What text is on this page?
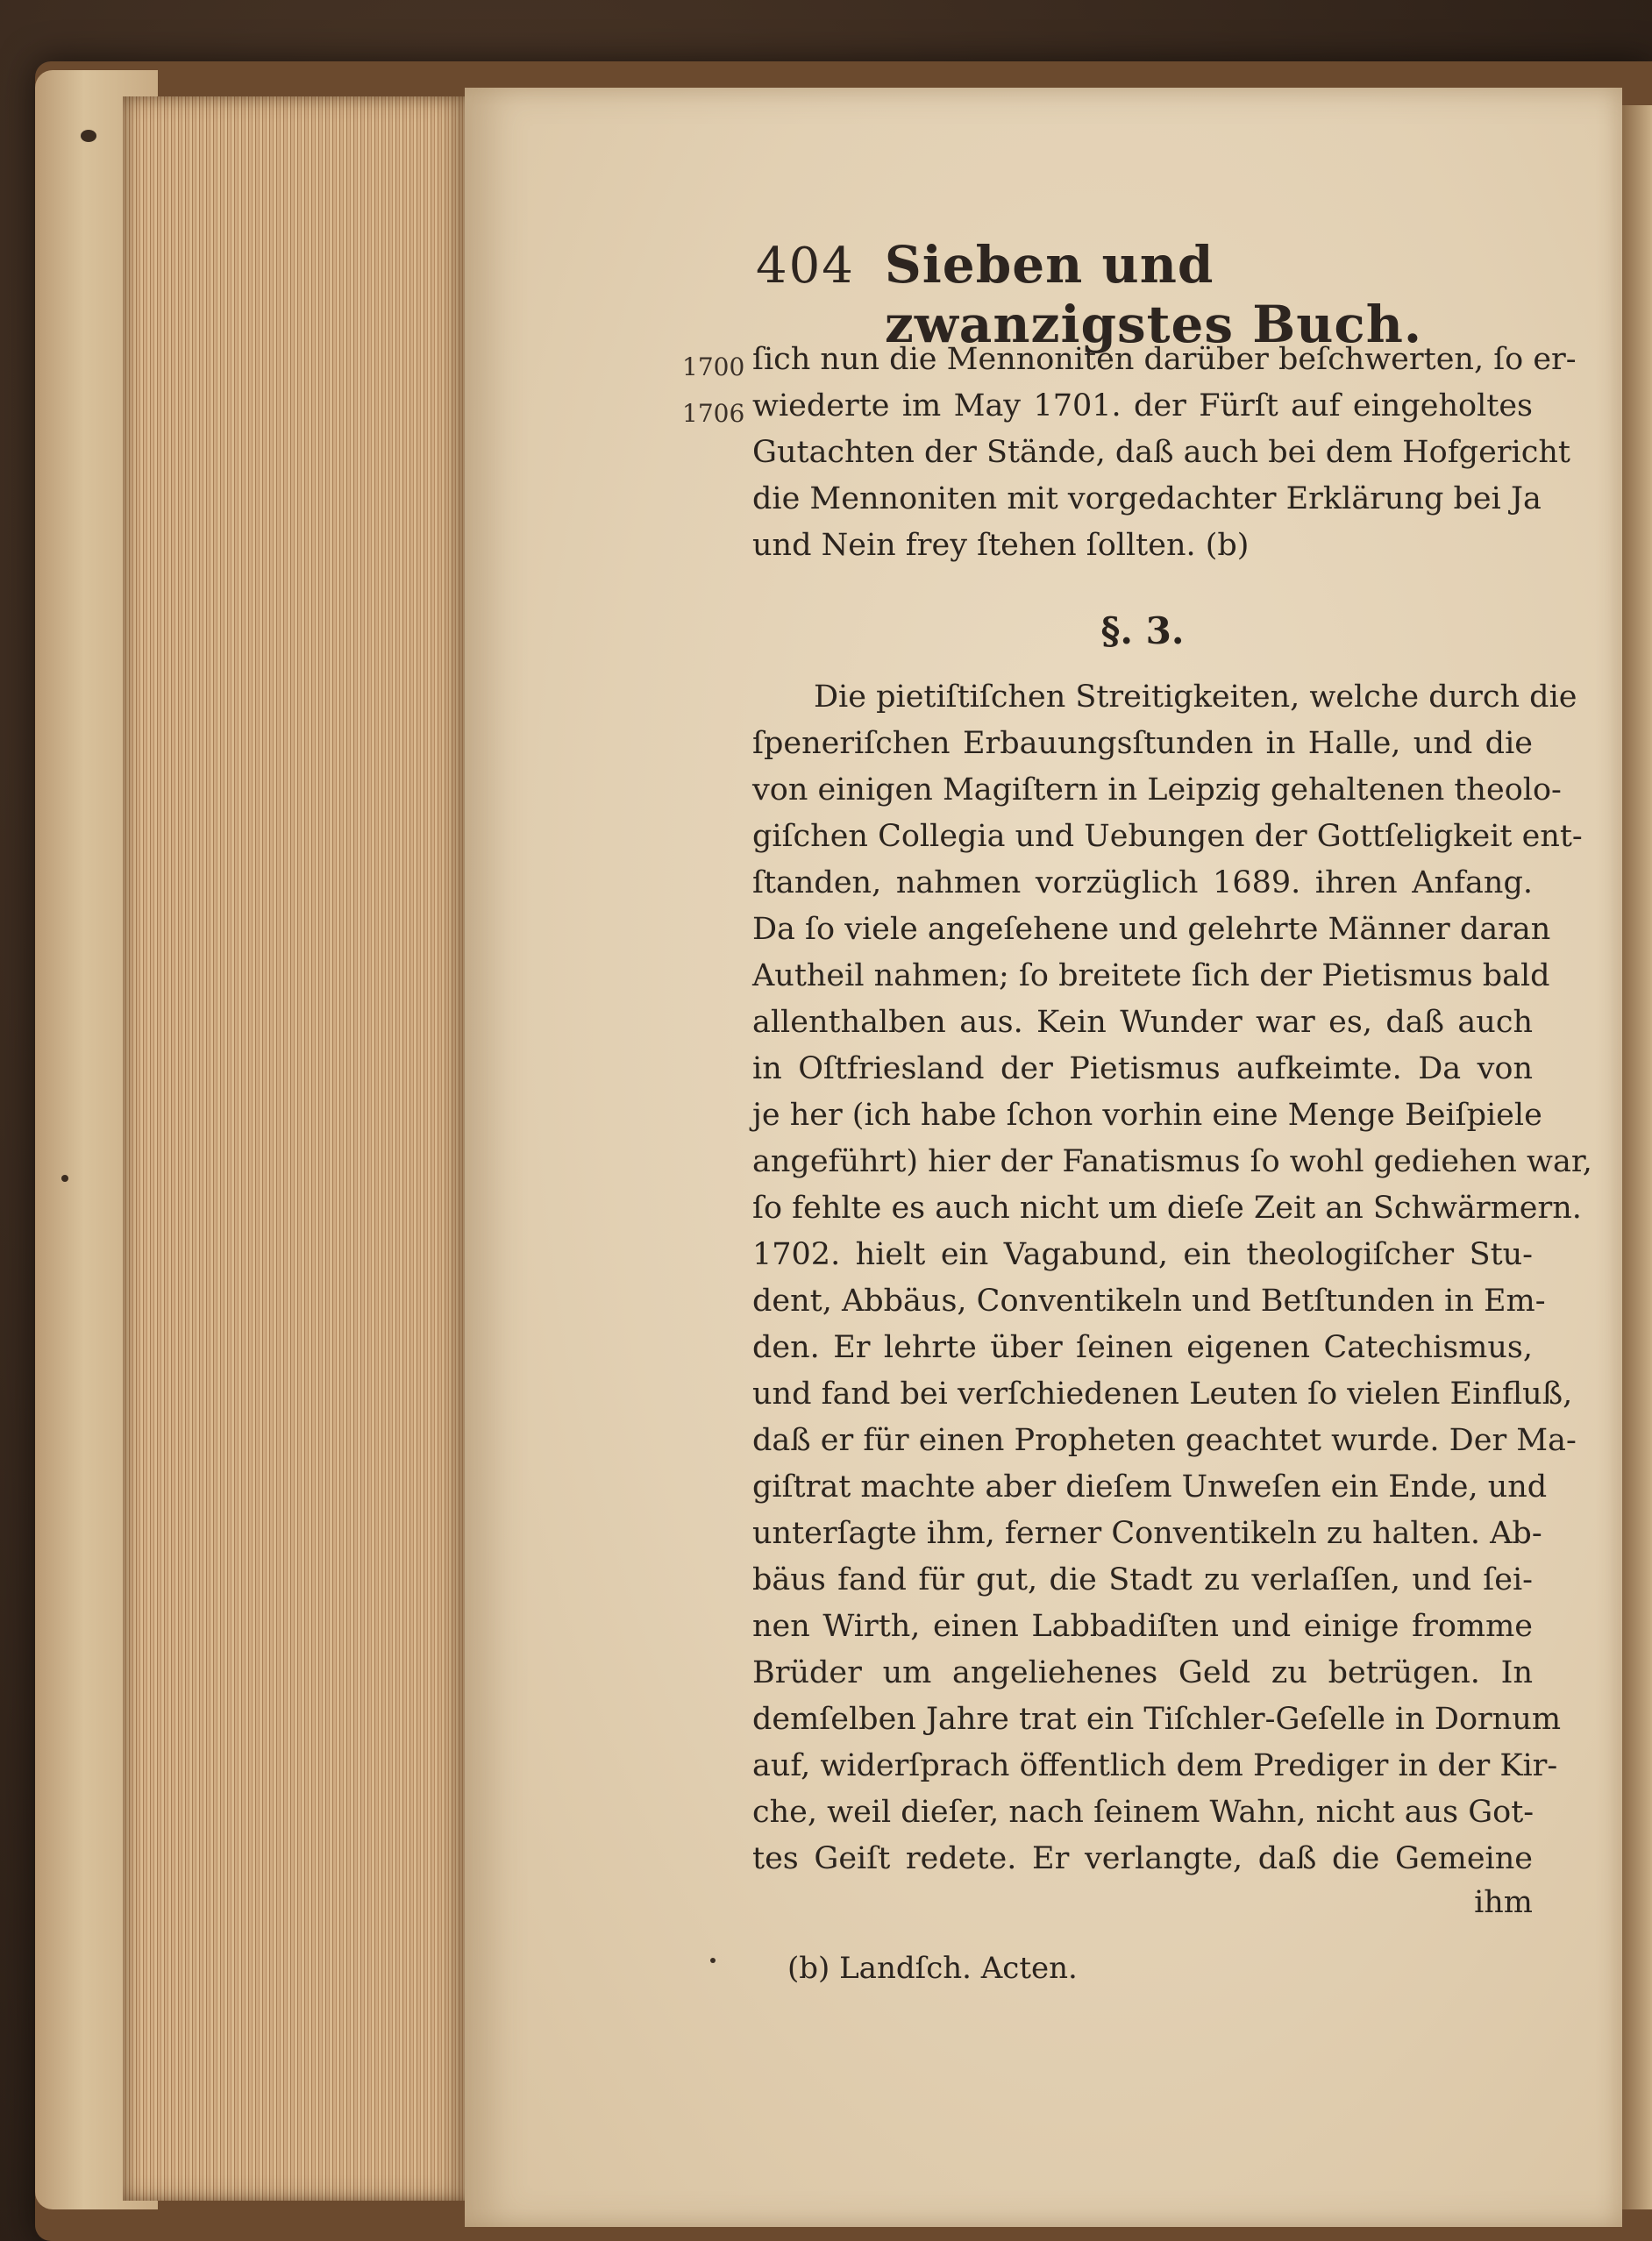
404 Sieben und zwanzigstes Buch.
1700
1706
ſich nun die Mennoniten darüber beſchwerten, ſo er-
wiederte im May 1701. der Fürſt auf eingeholtes
Gutachten der Stände, daß auch bei dem Hofgericht
die Mennoniten mit vorgedachter Erklärung bei Ja
und Nein frey ſtehen ſollten. (b)
§. 3.
Die pietiſtiſchen Streitigkeiten, welche durch die
ſpeneriſchen Erbauungsſtunden in Halle, und die
von einigen Magiſtern in Leipzig gehaltenen theolo-
giſchen Collegia und Uebungen der Gottſeligkeit ent-
ſtanden, nahmen vorzüglich 1689. ihren Anfang.
Da ſo viele angeſehene und gelehrte Männer daran
Autheil nahmen; ſo breitete ſich der Pietismus bald
allenthalben aus. Kein Wunder war es, daß auch
in Oſtfriesland der Pietismus aufkeimte. Da von
je her (ich habe ſchon vorhin eine Menge Beiſpiele
angeführt) hier der Fanatismus ſo wohl gediehen war,
ſo fehlte es auch nicht um dieſe Zeit an Schwärmern.
1702. hielt ein Vagabund, ein theologiſcher Stu-
dent, Abbäus, Conventikeln und Betſtunden in Em-
den. Er lehrte über ſeinen eigenen Catechismus,
und fand bei verſchiedenen Leuten ſo vielen Einfluß,
daß er für einen Propheten geachtet wurde. Der Ma-
giſtrat machte aber dieſem Unweſen ein Ende, und
unterſagte ihm, ferner Conventikeln zu halten. Ab-
bäus fand für gut, die Stadt zu verlaſſen, und ſei-
nen Wirth, einen Labbadiſten und einige fromme
Brüder um angeliehenes Geld zu betrügen. In
demſelben Jahre trat ein Tiſchler-Geſelle in Dornum
auf, widerſprach öffentlich dem Prediger in der Kir-
che, weil dieſer, nach ſeinem Wahn, nicht aus Got-
tes Geiſt redete. Er verlangte, daß die Gemeine
ihm
(b) Landſch. Acten.
